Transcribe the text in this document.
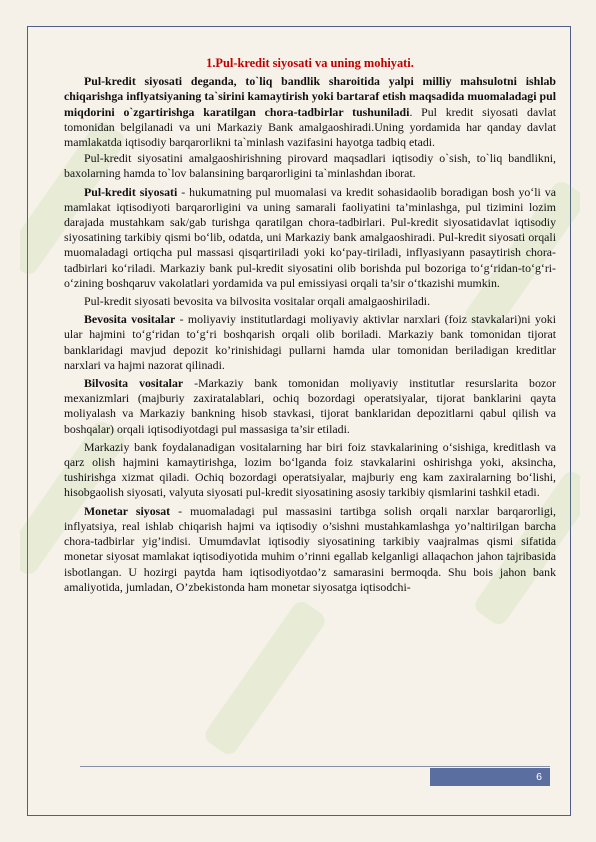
1.Pul-kredit siyosati va uning mohiyati.

Pul-kredit siyosati deganda, to`liq bandlik sharoitida yalpi milliy mahsulotni ishlab chiqarishga inflyatsiyaning ta`sirini kamaytirish yoki bartaraf etish maqsadida muomaladagi pul miqdorini o`zgartirishga karatilgan chora-tadbirlar tushuniladi. Pul kredit siyosati davlat tomonidan belgilanadi va uni Markaziy Bank amalgaoshiradi.Uning yordamida har qanday davlat mamlakatda iqtisodiy barqarorlikni ta`minlash vazifasini hayotga tadbiq etadi.

Pul-kredit siyosatini amalgaoshirishning pirovard maqsadlari iqtisodiy o`sish, to`liq bandlikni, baxolarning hamda to`lov balansining barqarorligini ta`minlashdan iborat.

Pul-kredit siyosati - hukumatning pul muomalasi va kredit sohasidaolib boradigan bosh yo‘li va mamlakat iqtisodiyoti barqarorligini va uning samarali faoliyatini ta’minlashga, pul tizimini lozim darajada mustahkam sak/gab turishga qaratilgan chora-tadbirlari. Pul-kredit siyosatidavlat iqtisodiy siyosatining tarkibiy qismi bo‘lib, odatda, uni Markaziy bank amalgaoshiradi. Pul-kredit siyosati orqali muomaladagi ortiqcha pul massasi qisqartiriladi yoki ko‘pay-tiriladi, inflyasiyann pasaytirish chora-tadbirlari ko‘riladi. Markaziy bank pul-kredit siyosatini olib borishda pul bozoriga to‘g‘ridan-to‘g‘ri-o‘zining boshqaruv vakolatlari yordamida va pul emissiyasi orqali ta’sir o‘tkazishi mumkin.

Pul-kredit siyosati bevosita va bilvosita vositalar orqali amalgaoshiriladi.

Bevosita vositalar - moliyaviy institutlardagi moliyaviy aktivlar narxlari (foiz stavkalari)ni yoki ular hajmini to‘g‘ridan to‘g‘ri boshqarish orqali olib boriladi. Markaziy bank tomonidan tijorat banklaridagi mavjud depozit ko’rinishidagi pullarni hamda ular tomonidan beriladigan kreditlar narxlari va hajmi nazorat qilinadi.

Bilvosita vositalar -Markaziy bank tomonidan moliyaviy institutlar resurslarita bozor mexanizmlari (majburiy zaxiratalablari, ochiq bozordagi operatsiyalar, tijorat banklarini qayta moliyalash va Markaziy bankning hisob stavkasi, tijorat banklaridan depozitlarni qabul qilish va boshqalar) orqali iqtisodiyotdagi pul massasiga ta’sir etiladi.

Markaziy bank foydalanadigan vositalarning har biri foiz stavkalarining o‘sishiga, kreditlash va qarz olish hajmini kamaytirishga, lozim bo‘lganda foiz stavkalarini oshirishga yoki, aksincha, tushirishga xizmat qiladi. Ochiq bozordagi operatsiyalar, majburiy eng kam zaxiralarning bo‘lishi, hisobgaolish siyosati, valyuta siyosati pul-kredit siyosatining asosiy tarkibiy qismlarini tashkil etadi.

Monetar siyosat - muomaladagi pul massasini tartibga solish orqali narxlar barqarorligi, inflyatsiya, real ishlab chiqarish hajmi va iqtisodiy o’sishni mustahkamlashga yo’naltirilgan barcha chora-tadbirlar yig’indisi. Umumdavlat iqtisodiy siyosatining tarkibiy vaajralmas qismi sifatida monetar siyosat mamlakat iqtisodiyotida muhim o’rinni egallab kelganligi allaqachon jahon tajribasida isbotlangan. U hozirgi paytda ham iqtisodiyotdao’z samarasini bermoqda. Shu bois jahon bank amaliyotida, jumladan, O’zbekistonda ham monetar siyosatga iqtisodchi-

6
